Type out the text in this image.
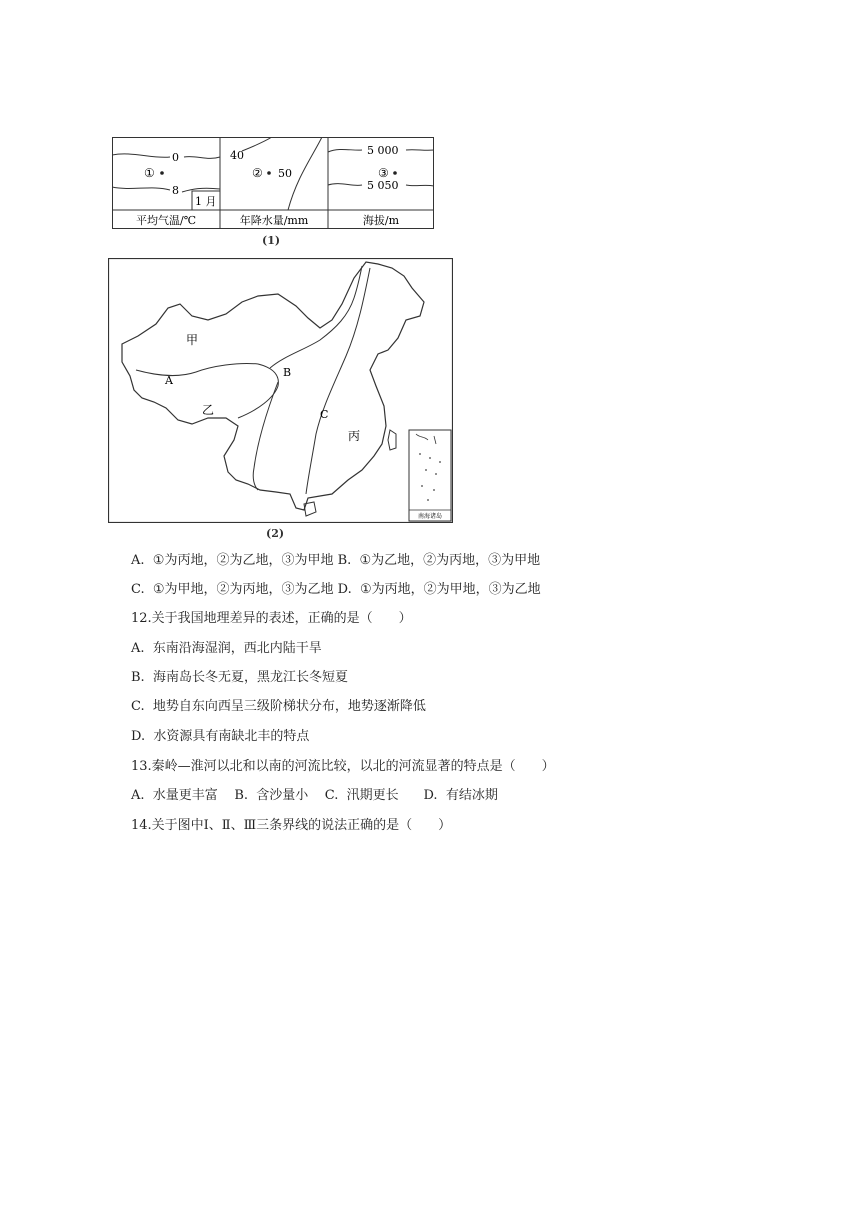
0
①
8
1 月
平均气温/℃
40
② 50
年降水量/mm
5 000
③
5 050
海拔/m
(1)
甲
乙
丙
A
B
C
南海诸岛
(2)
A.  ①为丙地，②为乙地，③为甲地 B.  ①为乙地，②为丙地，③为甲地
C.  ①为甲地，②为丙地，③为乙地 D.  ①为丙地，②为甲地，③为乙地
12.关于我国地理差异的表述，正确的是（　　）
A.  东南沿海湿润，西北内陆干旱
B.  海南岛长冬无夏，黑龙江长冬短夏
C.  地势自东向西呈三级阶梯状分布，地势逐渐降低
D.  水资源具有南缺北丰的特点
13.秦岭—淮河以北和以南的河流比较，以北的河流显著的特点是（　　）
A.  水量更丰富    B.  含沙量小    C.  汛期更长      D.  有结冰期
14.关于图中Ⅰ、Ⅱ、Ⅲ三条界线的说法正确的是（　　）
